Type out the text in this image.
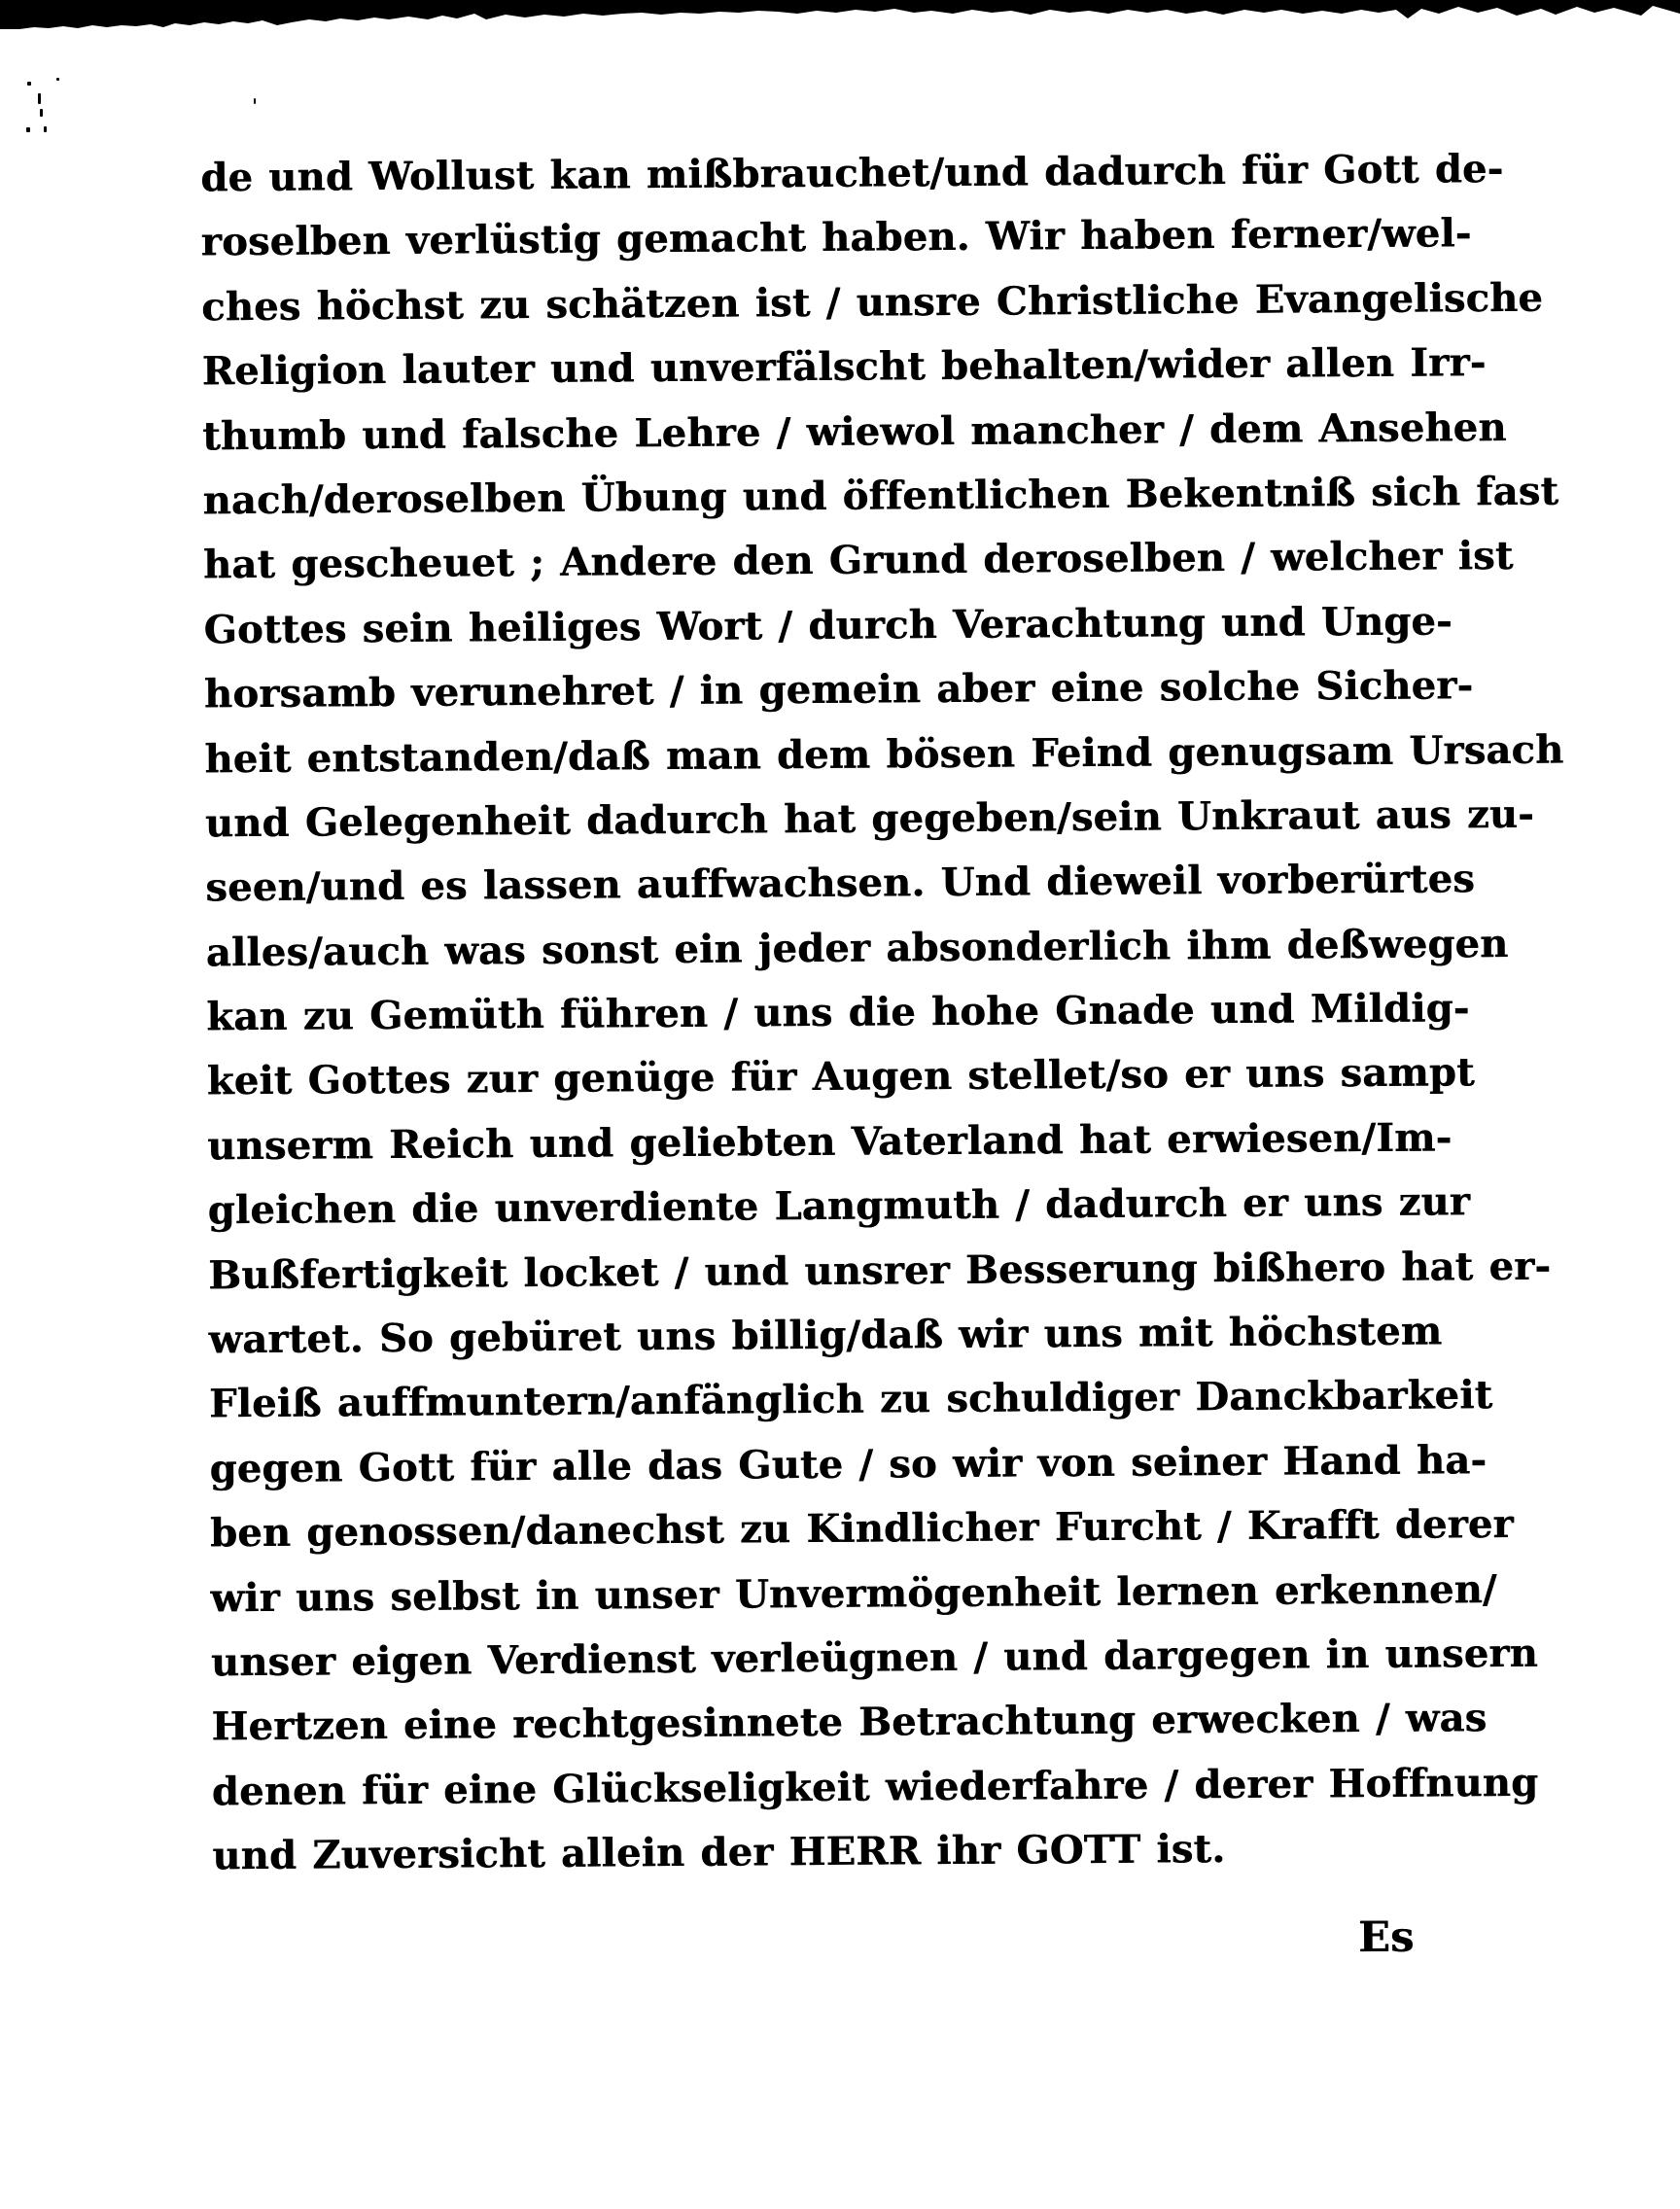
de und Wollust kan mißbrauchet/und dadurch für Gott de-
roselben verlüstig gemacht haben. Wir haben ferner/wel-
ches höchst zu schätzen ist / unsre Christliche Evangelische
Religion lauter und unverfälscht behalten/wider allen Irr-
thumb und falsche Lehre / wiewol mancher / dem Ansehen
nach/deroselben Übung und öffentlichen Bekentniß sich fast
hat gescheuet ; Andere den Grund deroselben / welcher ist
Gottes sein heiliges Wort / durch Verachtung und Unge-
horsamb verunehret / in gemein aber eine solche Sicher-
heit entstanden/daß man dem bösen Feind genugsam Ursach
und Gelegenheit dadurch hat gegeben/sein Unkraut aus zu-
seen/und es lassen auffwachsen. Und dieweil vorberürtes
alles/auch was sonst ein jeder absonderlich ihm deßwegen
kan zu Gemüth führen / uns die hohe Gnade und Mildig-
keit Gottes zur genüge für Augen stellet/so er uns sampt
unserm Reich und geliebten Vaterland hat erwiesen/Im-
gleichen die unverdiente Langmuth / dadurch er uns zur
Bußfertigkeit locket / und unsrer Besserung bißhero hat er-
wartet. So gebüret uns billig/daß wir uns mit höchstem
Fleiß auffmuntern/anfänglich zu schuldiger Danckbarkeit
gegen Gott für alle das Gute / so wir von seiner Hand ha-
ben genossen/danechst zu Kindlicher Furcht / Krafft derer
wir uns selbst in unser Unvermögenheit lernen erkennen/
unser eigen Verdienst verleügnen / und dargegen in unsern
Hertzen eine rechtgesinnete Betrachtung erwecken / was
denen für eine Glückseligkeit wiederfahre / derer Hoffnung
und Zuversicht allein der HERR ihr GOTT ist.
Es
